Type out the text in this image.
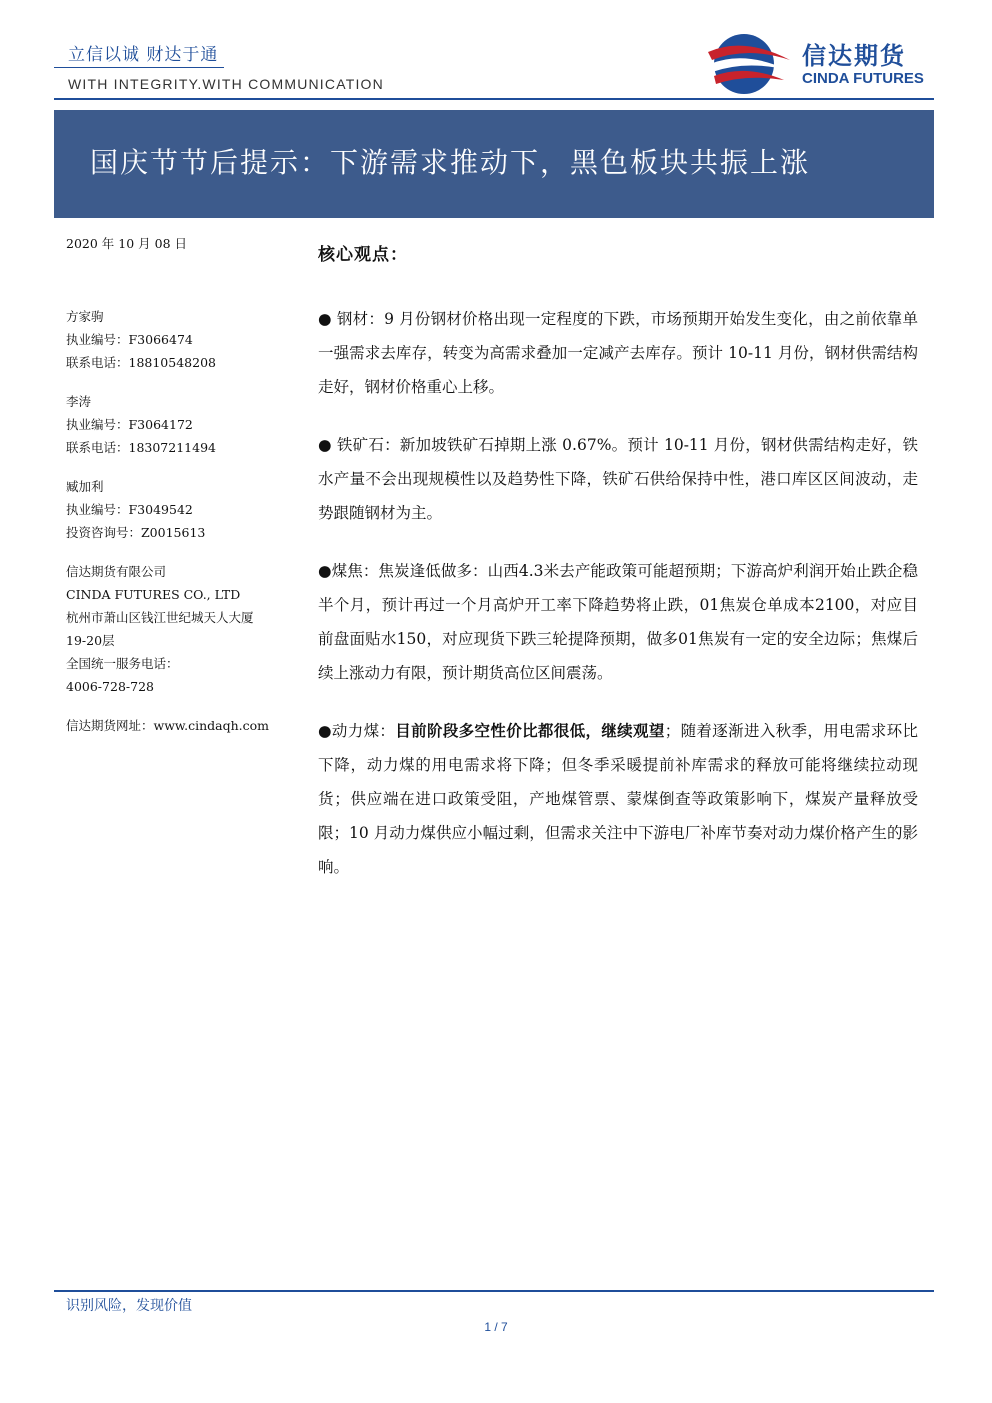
立信以诚 财达于通
WITH INTEGRITY.WITH COMMUNICATION
信达期货
CINDA FUTURES
国庆节节后提示：下游需求推动下，黑色板块共振上涨
2020 年 10 月 08 日
方家驹
执业编号：F3066474
联系电话：18810548208
李涛
执业编号：F3064172
联系电话：18307211494
臧加利
执业编号：F3049542
投资咨询号：Z0015613
信达期货有限公司
CINDA FUTURES CO., LTD
杭州市萧山区钱江世纪城天人大厦
19-20层
全国统一服务电话：
4006-728-728
信达期货网址：www.cindaqh.com
核心观点：

● 钢材：9 月份钢材价格出现一定程度的下跌，市场预期开始发生变化，由之前依靠单一强需求去库存，转变为高需求叠加一定减产去库存。预计 10-11 月份，钢材供需结构走好，钢材价格重心上移。

● 铁矿石：新加坡铁矿石掉期上涨 0.67%。预计 10-11 月份，钢材供需结构走好，铁水产量不会出现规模性以及趋势性下降，铁矿石供给保持中性，港口库区区间波动，走势跟随钢材为主。

●煤焦：焦炭逢低做多：山西4.3米去产能政策可能超预期；下游高炉利润开始止跌企稳半个月，预计再过一个月高炉开工率下降趋势将止跌，01焦炭仓单成本2100，对应目前盘面贴水150，对应现货下跌三轮提降预期，做多01焦炭有一定的安全边际；焦煤后续上涨动力有限，预计期货高位区间震荡。

●动力煤：目前阶段多空性价比都很低，继续观望；随着逐渐进入秋季，用电需求环比下降，动力煤的用电需求将下降；但冬季采暖提前补库需求的释放可能将继续拉动现货；供应端在进口政策受阻，产地煤管票、蒙煤倒查等政策影响下，煤炭产量释放受限；10 月动力煤供应小幅过剩，但需求关注中下游电厂补库节奏对动力煤价格产生的影响。

识别风险，发现价值
1 / 7
